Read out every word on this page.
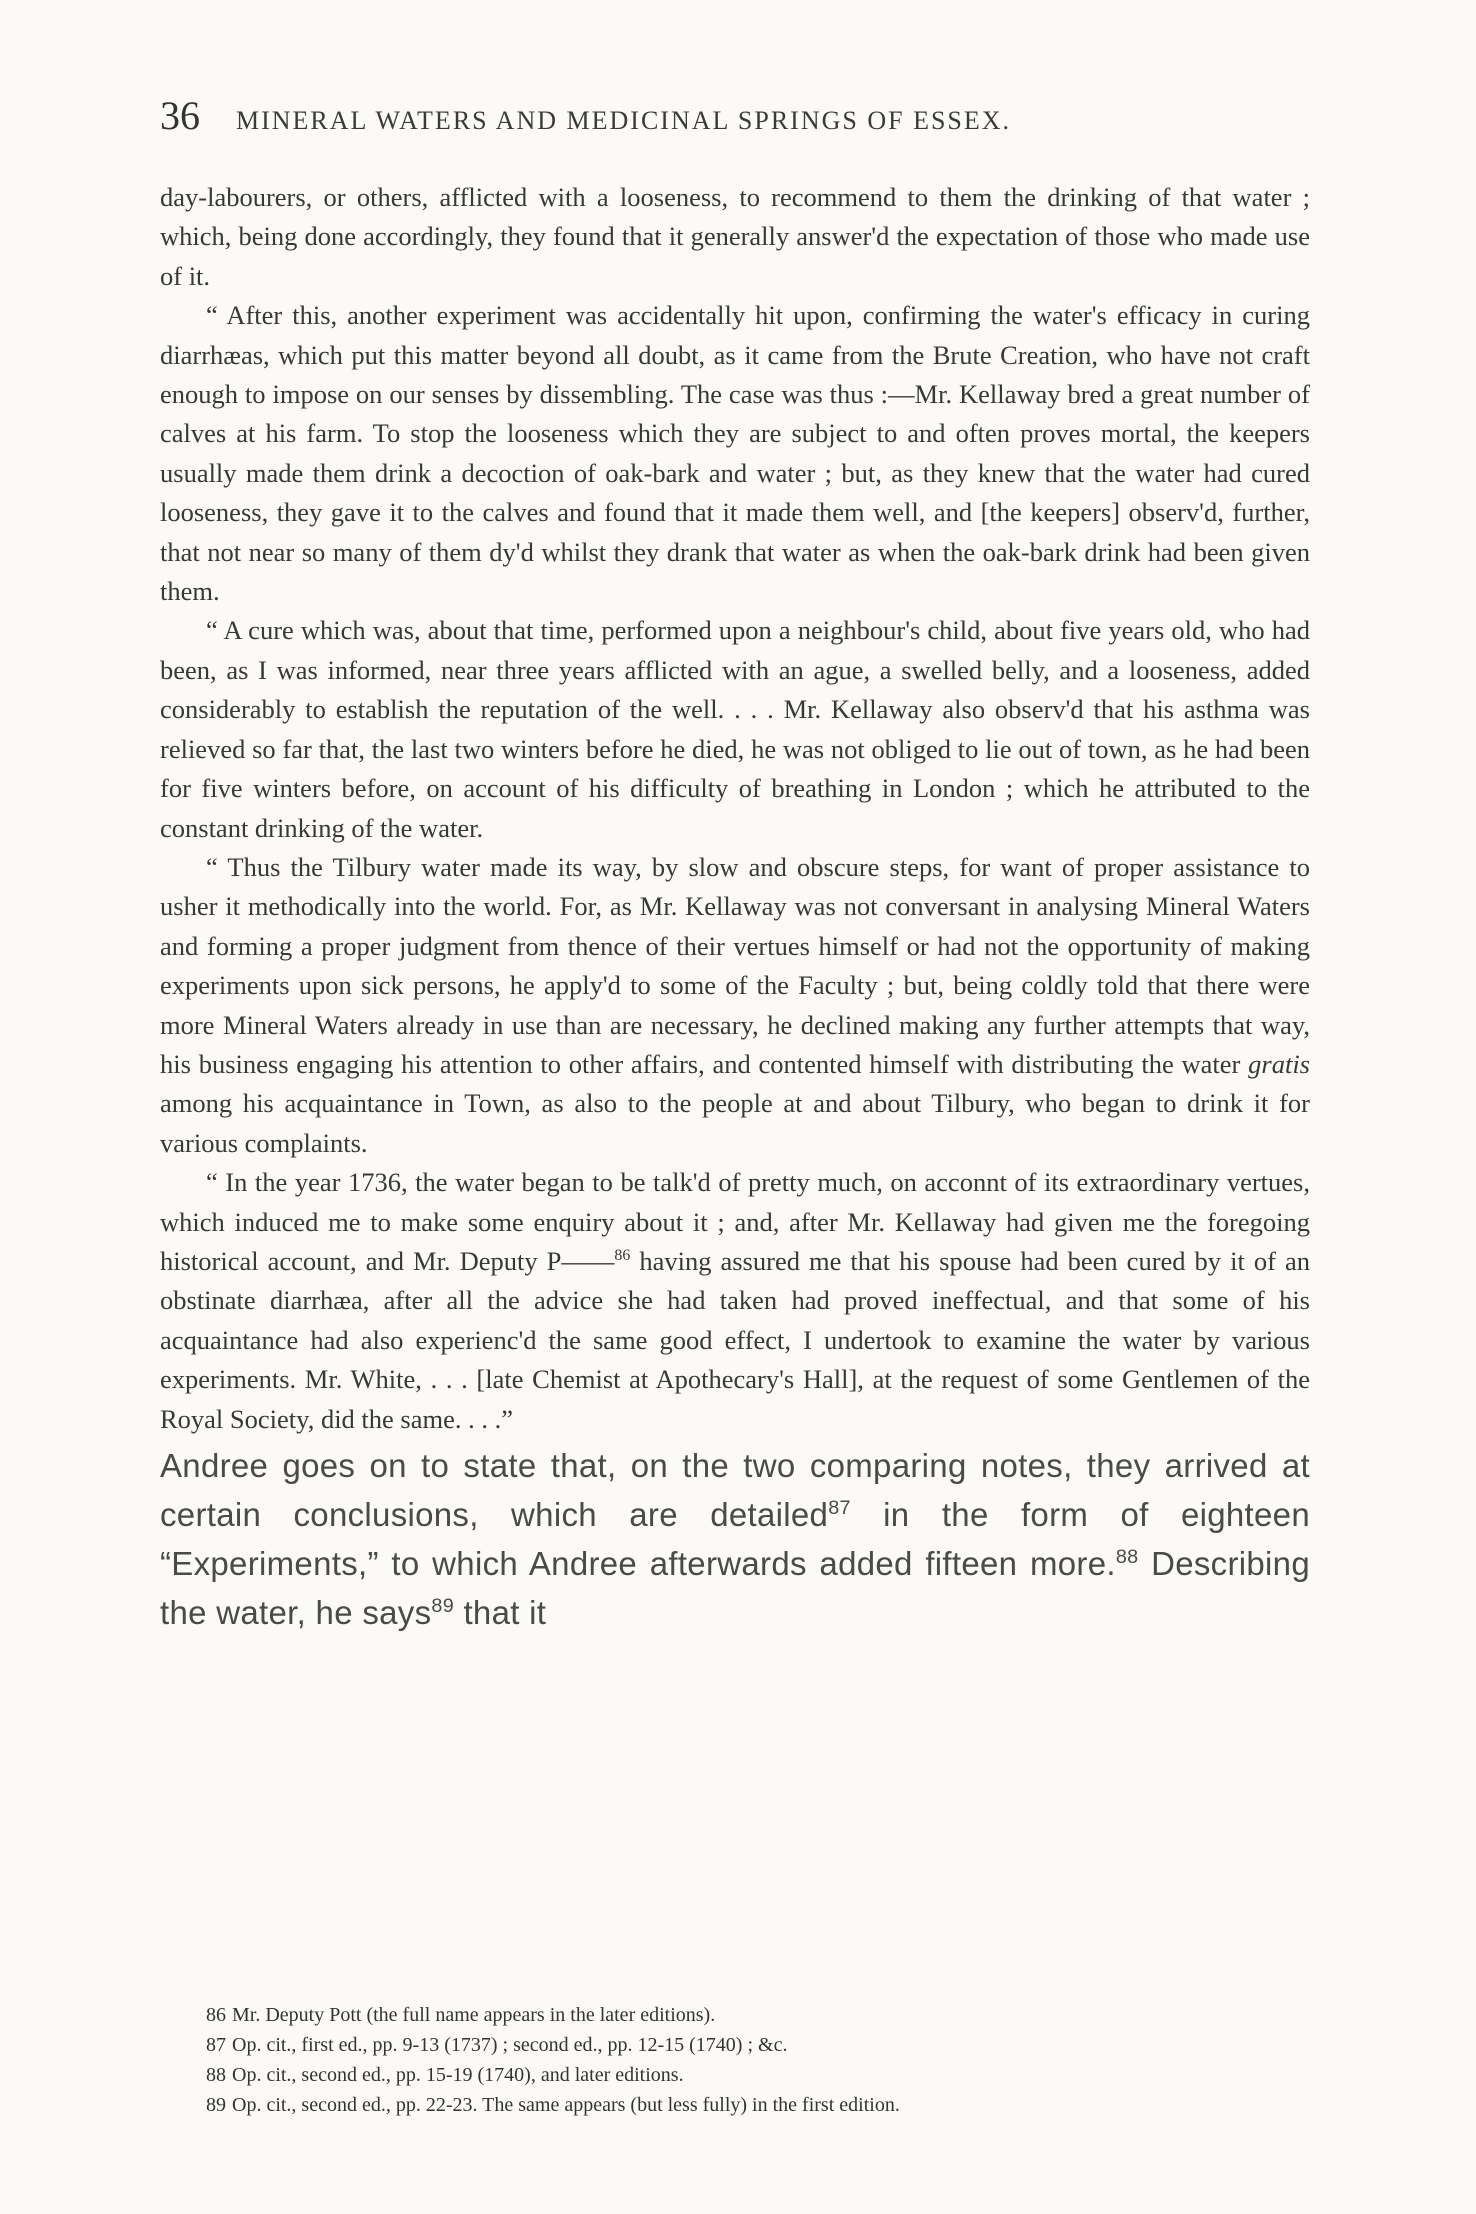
36 MINERAL WATERS AND MEDICINAL SPRINGS OF ESSEX.

day-labourers, or others, afflicted with a looseness, to recommend to them the drinking of that water ; which, being done accordingly, they found that it generally answer'd the expectation of those who made use of it.

“ After this, another experiment was accidentally hit upon, confirming the water's efficacy in curing diarrhæas, which put this matter beyond all doubt, as it came from the Brute Creation, who have not craft enough to impose on our senses by dissembling. The case was thus :—Mr. Kellaway bred a great number of calves at his farm. To stop the looseness which they are subject to and often proves mortal, the keepers usually made them drink a decoction of oak-bark and water ; but, as they knew that the water had cured looseness, they gave it to the calves and found that it made them well, and [the keepers] observ'd, further, that not near so many of them dy'd whilst they drank that water as when the oak-bark drink had been given them.

“ A cure which was, about that time, performed upon a neighbour's child, about five years old, who had been, as I was informed, near three years afflicted with an ague, a swelled belly, and a looseness, added considerably to establish the reputation of the well. . . . Mr. Kellaway also observ'd that his asthma was relieved so far that, the last two winters before he died, he was not obliged to lie out of town, as he had been for five winters before, on account of his difficulty of breathing in London ; which he attributed to the constant drinking of the water.

“ Thus the Tilbury water made its way, by slow and obscure steps, for want of proper assistance to usher it methodically into the world. For, as Mr. Kellaway was not conversant in analysing Mineral Waters and forming a proper judgment from thence of their vertues himself or had not the opportunity of making experiments upon sick persons, he apply'd to some of the Faculty ; but, being coldly told that there were more Mineral Waters already in use than are necessary, he declined making any further attempts that way, his business engaging his attention to other affairs, and contented himself with distributing the water gratis among his acquaintance in Town, as also to the people at and about Tilbury, who began to drink it for various complaints.

“ In the year 1736, the water began to be talk'd of pretty much, on acconnt of its extraordinary vertues, which induced me to make some enquiry about it ; and, after Mr. Kellaway had given me the foregoing historical account, and Mr. Deputy P——$^{86}$ having assured me that his spouse had been cured by it of an obstinate diarrhæa, after all the advice she had taken had proved ineffectual, and that some of his acquaintance had also experienc'd the same good effect, I undertook to examine the water by various experiments. Mr. White, . . . [late Chemist at Apothecary's Hall], at the request of some Gentlemen of the Royal Society, did the same. . . .”

Andree goes on to state that, on the two comparing notes, they arrived at certain conclusions, which are detailed$^{87}$ in the form of eighteen “Experiments,” to which Andree afterwards added fifteen more.$^{88}$ Describing the water, he says$^{89}$ that it

86 Mr. Deputy Pott (the full name appears in the later editions).
87 Op. cit., first ed., pp. 9-13 (1737) ; second ed., pp. 12-15 (1740) ; &c.
88 Op. cit., second ed., pp. 15-19 (1740), and later editions.
89 Op. cit., second ed., pp. 22-23. The same appears (but less fully) in the first edition.
